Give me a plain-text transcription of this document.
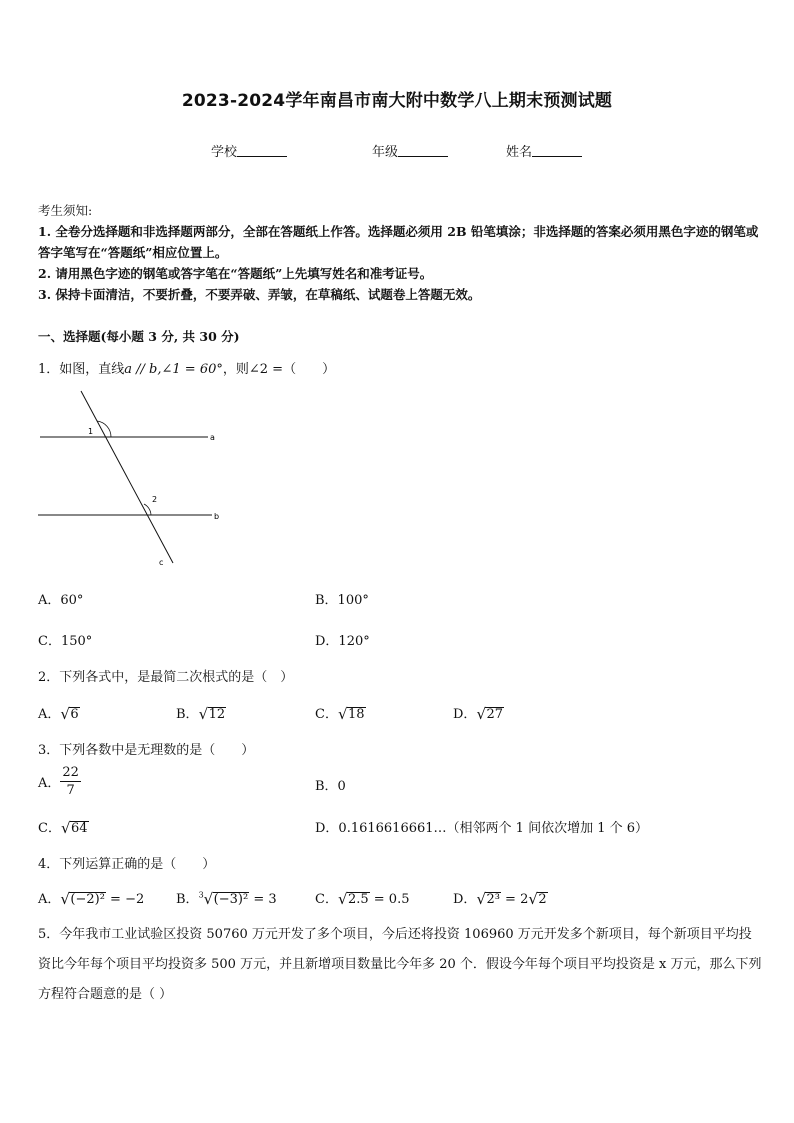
2023-2024学年南昌市南大附中数学八上期末预测试题
学校	年级	姓名
考生须知:
1. 全卷分选择题和非选择题两部分，全部在答题纸上作答。选择题必须用 2B 铅笔填涂；非选择题的答案必须用黑色字迹的钢笔或答字笔写在“答题纸”相应位置上。
2. 请用黑色字迹的钢笔或答字笔在“答题纸”上先填写姓名和准考证号。
3. 保持卡面清洁，不要折叠，不要弄破、弄皱，在草稿纸、试题卷上答题无效。
一、选择题(每小题 3 分, 共 30 分)
1．如图，直线a // b,∠1 = 60°，则∠2 =（　　）
1
2
a
b
c
A．60°	B．100°
C．150°	D．120°
2．下列各式中，是最简二次根式的是（　）
A． √ 6	B． √ 12	C． √ 18	D． √ 27
3．下列各数中是无理数的是（　　）
A． $\frac{22}{7}$	B．0
C． √ 64	D．0.1616616661…（相邻两个 1 间依次增加 1 个 6）
4．下列运算正确的是（　　）
A． √ (−2)² = −2 B．$^3$ √ (−3)² = 3	C． √ 2.5 = 0.5	D． √ 2³ = 2 √ 2
5．今年我市工业试验区投资 50760 万元开发了多个项目，今后还将投资 106960 万元开发多个新项目，每个新项目平均投资比今年每个项目平均投资多 500 万元，并且新增项目数量比今年多 20 个．假设今年每个项目平均投资是 x 万元，那么下列方程符合题意的是（ ）
